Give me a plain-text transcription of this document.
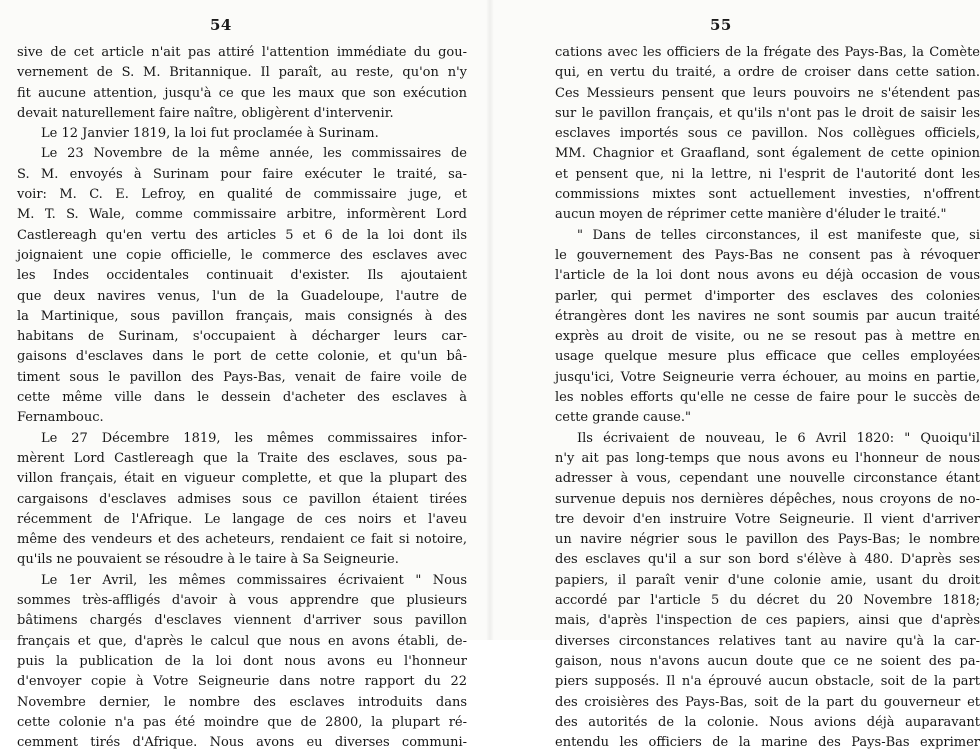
54
sive de cet article n'ait pas attiré l'attention immédiate du gou-
vernement de S. M. Britannique. Il paraît, au reste, qu'on n'y
fit aucune attention, jusqu'à ce que les maux que son exécution
devait naturellement faire naître, obligèrent d'intervenir.
Le 12 Janvier 1819, la loi fut proclamée à Surinam.
Le 23 Novembre de la même année, les commissaires de
S. M. envoyés à Surinam pour faire exécuter le traité, sa-
voir: M. C. E. Lefroy, en qualité de commissaire juge, et
M. T. S. Wale, comme commissaire arbitre, informèrent Lord
Castlereagh qu'en vertu des articles 5 et 6 de la loi dont ils
joignaient une copie officielle, le commerce des esclaves avec
les Indes occidentales continuait d'exister. Ils ajoutaient
que deux navires venus, l'un de la Guadeloupe, l'autre de
la Martinique, sous pavillon français, mais consignés à des
habitans de Surinam, s'occupaient à décharger leurs car-
gaisons d'esclaves dans le port de cette colonie, et qu'un bâ-
timent sous le pavillon des Pays-Bas, venait de faire voile de
cette même ville dans le dessein d'acheter des esclaves à
Fernambouc.
Le 27 Décembre 1819, les mêmes commissaires infor-
mèrent Lord Castlereagh que la Traite des esclaves, sous pa-
villon français, était en vigueur complette, et que la plupart des
cargaisons d'esclaves admises sous ce pavillon étaient tirées
récemment de l'Afrique. Le langage de ces noirs et l'aveu
même des vendeurs et des acheteurs, rendaient ce fait si notoire,
qu'ils ne pouvaient se résoudre à le taire à Sa Seigneurie.
Le 1er Avril, les mêmes commissaires écrivaient " Nous
sommes très-affligés d'avoir à vous apprendre que plusieurs
bâtimens chargés d'esclaves viennent d'arriver sous pavillon
français et que, d'après le calcul que nous en avons établi, de-
puis la publication de la loi dont nous avons eu l'honneur
d'envoyer copie à Votre Seigneurie dans notre rapport du 22
Novembre dernier, le nombre des esclaves introduits dans
cette colonie n'a pas été moindre que de 2800, la plupart ré-
cemment tirés d'Afrique. Nous avons eu diverses communi-
55
cations avec les officiers de la frégate des Pays-Bas, la Comète
qui, en vertu du traité, a ordre de croiser dans cette sation.
Ces Messieurs pensent que leurs pouvoirs ne s'étendent pas
sur le pavillon français, et qu'ils n'ont pas le droit de saisir les
esclaves importés sous ce pavillon. Nos collègues officiels,
MM. Chagnior et Graafland, sont également de cette opinion
et pensent que, ni la lettre, ni l'esprit de l'autorité dont les
commissions mixtes sont actuellement investies, n'offrent
aucun moyen de réprimer cette manière d'éluder le traité."
" Dans de telles circonstances, il est manifeste que, si
le gouvernement des Pays-Bas ne consent pas à révoquer
l'article de la loi dont nous avons eu déjà occasion de vous
parler, qui permet d'importer des esclaves des colonies
étrangères dont les navires ne sont soumis par aucun traité
exprès au droit de visite, ou ne se resout pas à mettre en
usage quelque mesure plus efficace que celles employées
jusqu'ici, Votre Seigneurie verra échouer, au moins en partie,
les nobles efforts qu'elle ne cesse de faire pour le succès de
cette grande cause."
Ils écrivaient de nouveau, le 6 Avril 1820: " Quoiqu'il
n'y ait pas long-temps que nous avons eu l'honneur de nous
adresser à vous, cependant une nouvelle circonstance étant
survenue depuis nos dernières dépêches, nous croyons de no-
tre devoir d'en instruire Votre Seigneurie. Il vient d'arriver
un navire négrier sous le pavillon des Pays-Bas; le nombre
des esclaves qu'il a sur son bord s'élève à 480. D'après ses
papiers, il paraît venir d'une colonie amie, usant du droit
accordé par l'article 5 du décret du 20 Novembre 1818;
mais, d'après l'inspection de ces papiers, ainsi que d'après
diverses circonstances relatives tant au navire qu'à la car-
gaison, nous n'avons aucun doute que ce ne soient des pa-
piers supposés. Il n'a éprouvé aucun obstacle, soit de la part
des croisières des Pays-Bas, soit de la part du gouverneur et
des autorités de la colonie. Nous avions déjà auparavant
entendu les officiers de la marine des Pays-Bas exprimer
